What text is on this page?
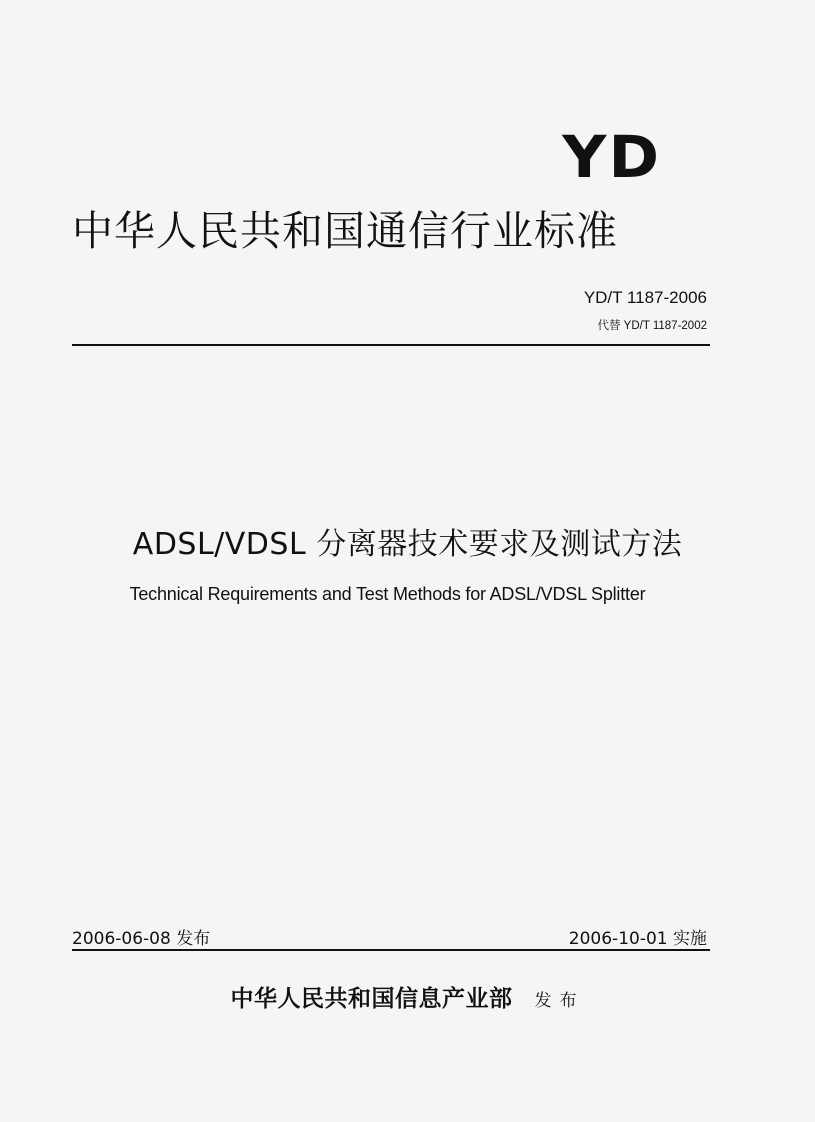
YD
中华人民共和国通信行业标准
YD/T 1187-2006
代替 YD/T 1187-2002
ADSL/VDSL 分离器技术要求及测试方法
Technical Requirements and Test Methods for ADSL/VDSL Splitter
2006-06-08 发布	2006-10-01 实施
中华人民共和国信息产业部 发布
